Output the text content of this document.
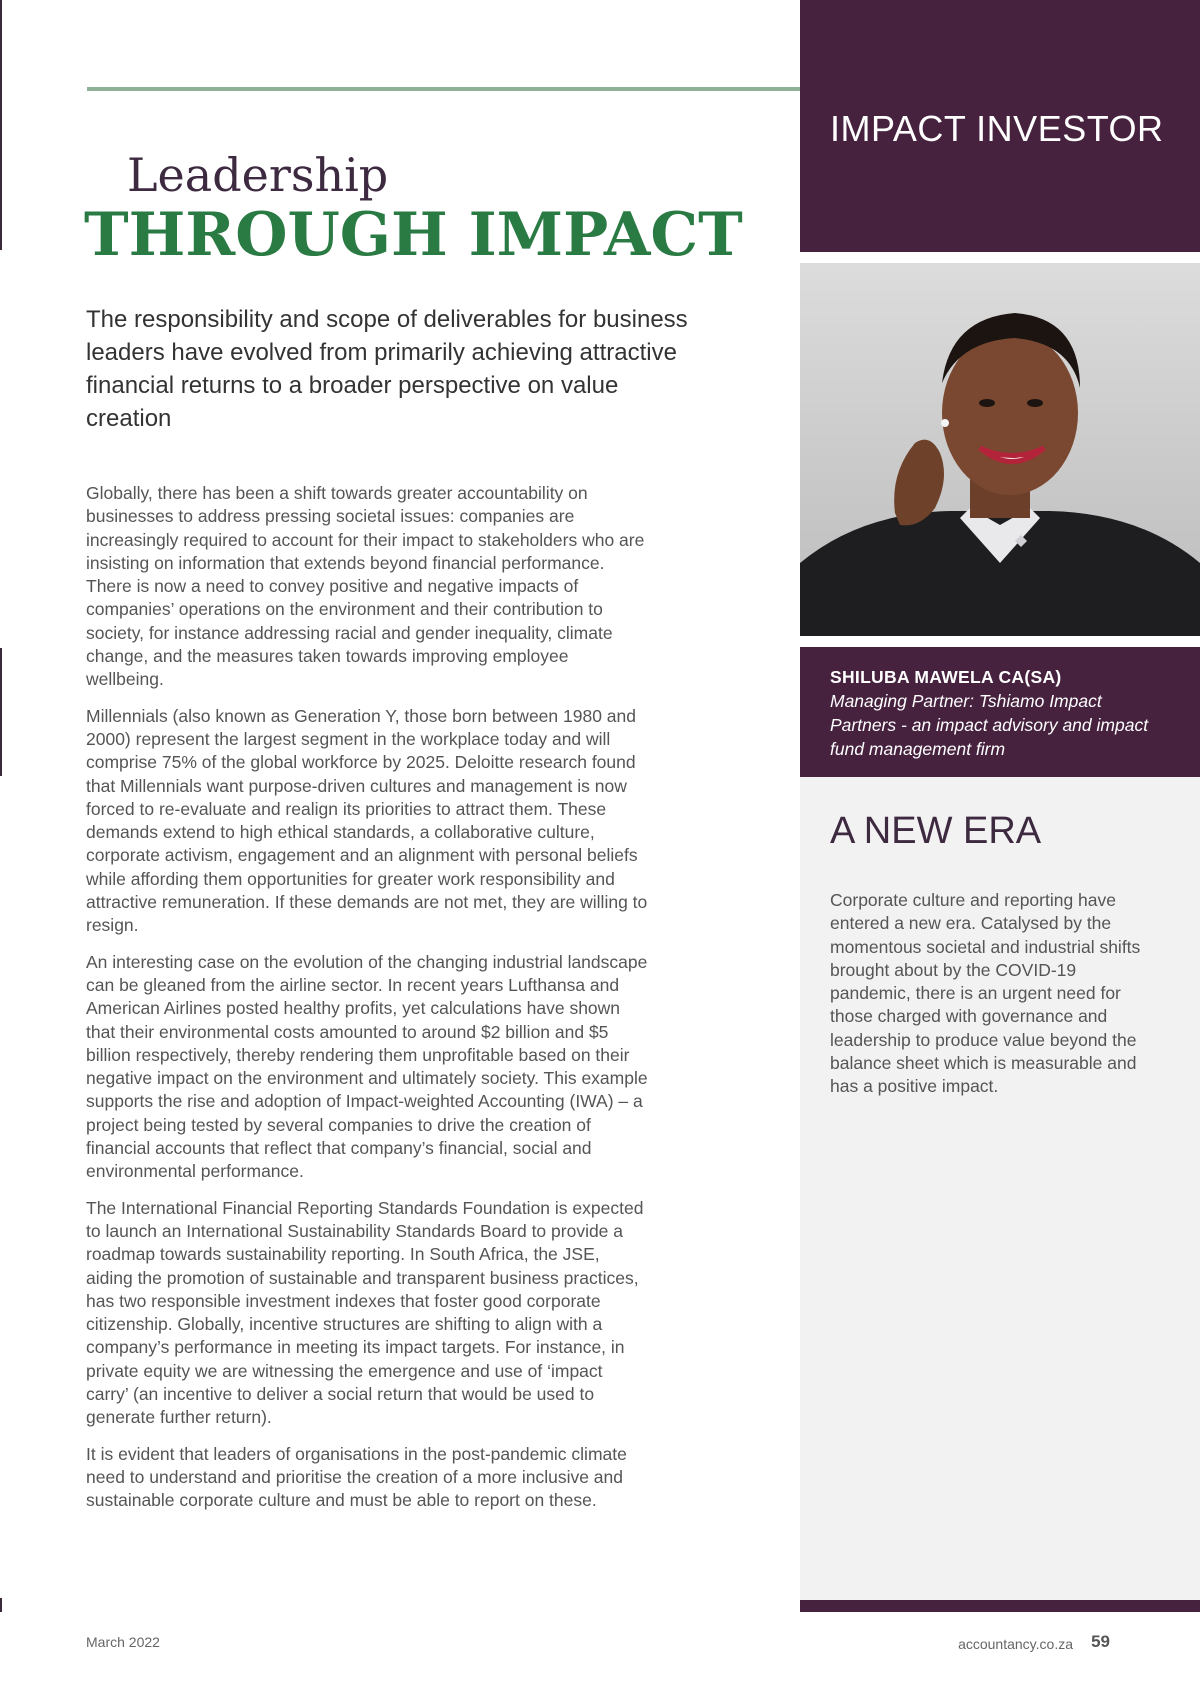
Leadership
THROUGH IMPACT
The responsibility and scope of deliverables for business leaders have evolved from primarily achieving attractive financial returns to a broader perspective on value creation

Globally, there has been a shift towards greater accountability on businesses to address pressing societal issues: companies are increasingly required to account for their impact to stakeholders who are insisting on information that extends beyond financial performance. There is now a need to convey positive and negative impacts of companies’ operations on the environment and their contribution to society, for instance addressing racial and gender inequality, climate change, and the measures taken towards improving employee wellbeing.

Millennials (also known as Generation Y, those born between 1980 and 2000) represent the largest segment in the workplace today and will comprise 75% of the global workforce by 2025. Deloitte research found that Millennials want purpose-driven cultures and management is now forced to re-evaluate and realign its priorities to attract them. These demands extend to high ethical standards, a collaborative culture, corporate activism, engagement and an alignment with personal beliefs while affording them opportunities for greater work responsibility and attractive remuneration. If these demands are not met, they are willing to resign.

An interesting case on the evolution of the changing industrial landscape can be gleaned from the airline sector. In recent years Lufthansa and American Airlines posted healthy profits, yet calculations have shown that their environmental costs amounted to around $2 billion and $5 billion respectively, thereby rendering them unprofitable based on their negative impact on the environment and ultimately society. This example supports the rise and adoption of Impact-weighted Accounting (IWA) – a project being tested by several companies to drive the creation of financial accounts that reflect that company’s financial, social and environmental performance.

The International Financial Reporting Standards Foundation is expected to launch an International Sustainability Standards Board to provide a roadmap towards sustainability reporting. In South Africa, the JSE, aiding the promotion of sustainable and transparent business practices, has two responsible investment indexes that foster good corporate citizenship. Globally, incentive structures are shifting to align with a company’s performance in meeting its impact targets. For instance, in private equity we are witnessing the emergence and use of ‘impact carry’ (an incentive to deliver a social return that would be used to generate further return).

It is evident that leaders of organisations in the post-pandemic climate need to understand and prioritise the creation of a more inclusive and sustainable corporate culture and must be able to report on these.

IMPACT INVESTOR
SHILUBA MAWELA CA(SA)
Managing Partner: Tshiamo Impact Partners - an impact advisory and impact fund management firm
A NEW ERA
Corporate culture and reporting have entered a new era. Catalysed by the momentous societal and industrial shifts brought about by the COVID-19 pandemic, there is an urgent need for those charged with governance and leadership to produce value beyond the balance sheet which is measurable and has a positive impact.
March 2022	accountancy.co.za 59
